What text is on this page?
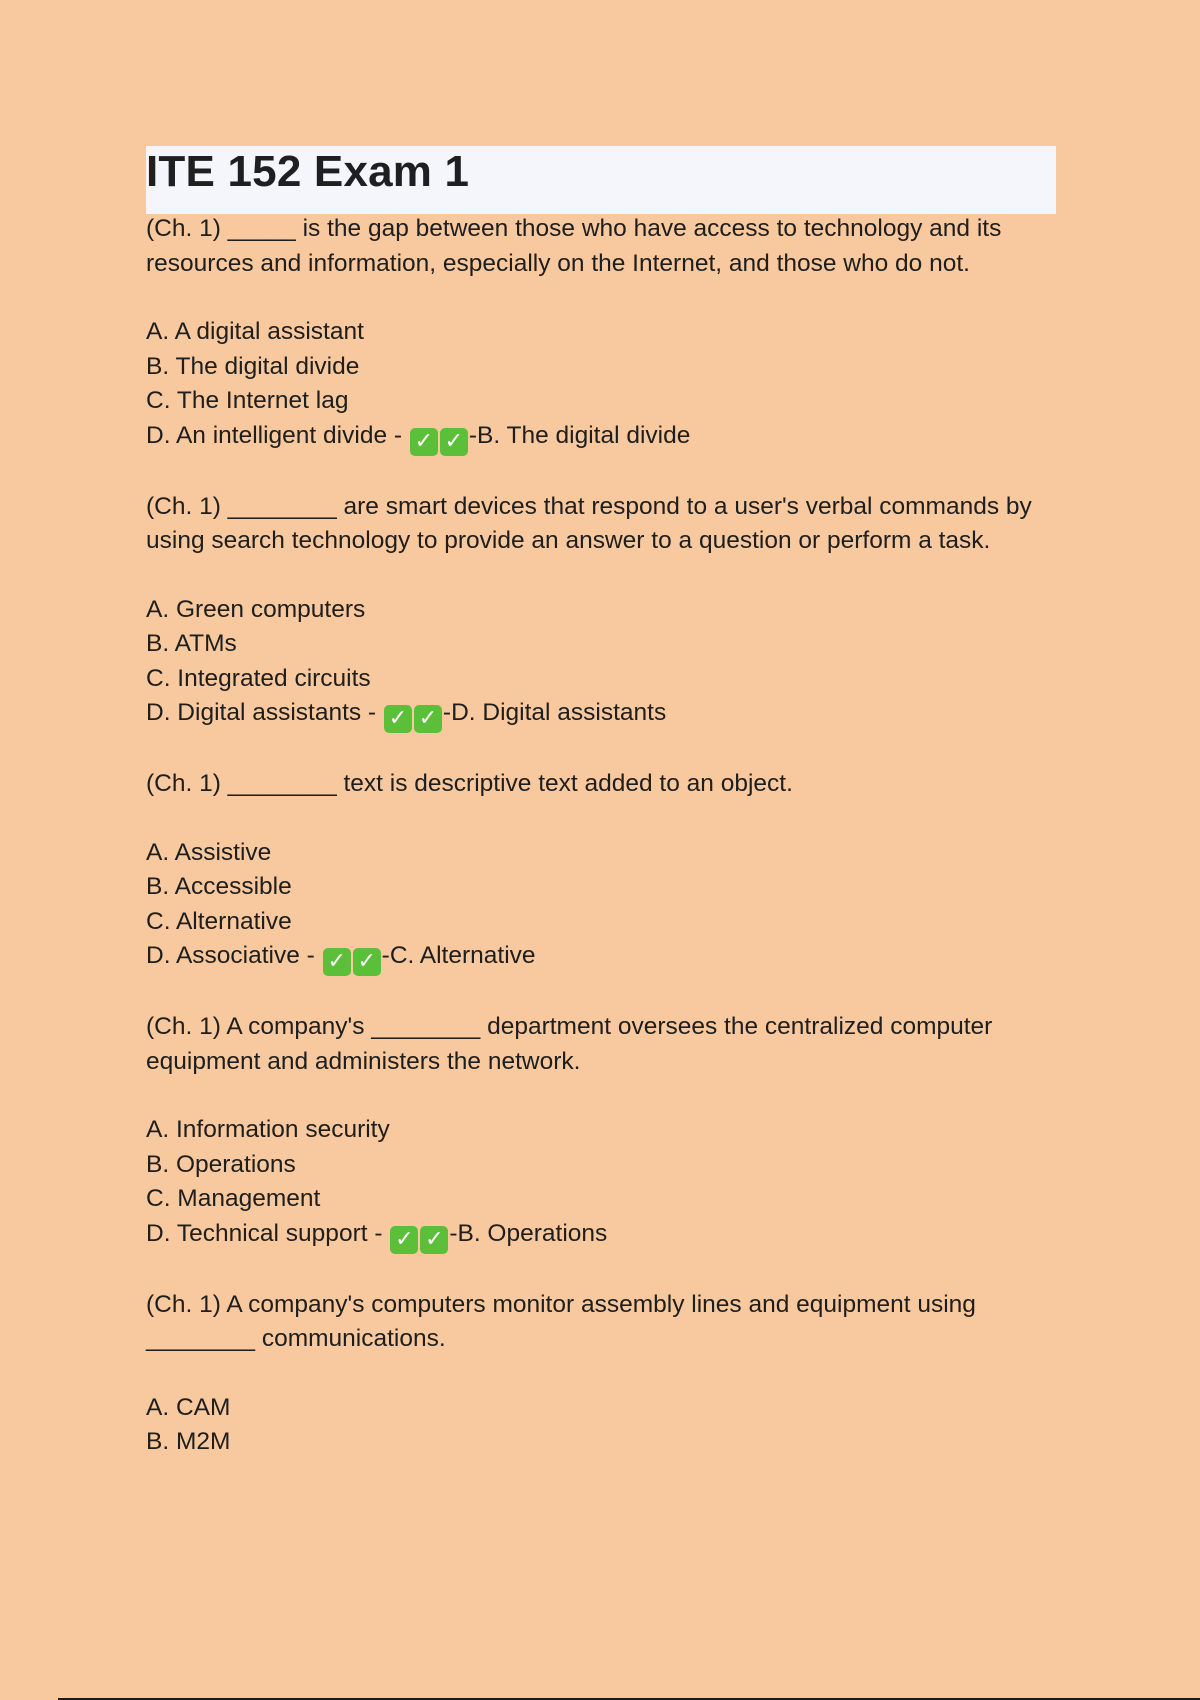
ITE 152 Exam 1

(Ch. 1) _____ is the gap between those who have access to technology and its resources and information, especially on the Internet, and those who do not.

A. A digital assistant

B. The digital divide

C. The Internet lag

D. An intelligent divide - ✓ ✓ -B. The digital divide

(Ch. 1) ________ are smart devices that respond to a user's verbal commands by using search technology to provide an answer to a question or perform a task.

A. Green computers

B. ATMs

C. Integrated circuits

D. Digital assistants - ✓ ✓ -D. Digital assistants

(Ch. 1) ________ text is descriptive text added to an object.

A. Assistive

B. Accessible

C. Alternative

D. Associative - ✓ ✓ -C. Alternative

(Ch. 1) A company's ________ department oversees the centralized computer equipment and administers the network.

A. Information security

B. Operations

C. Management

D. Technical support - ✓ ✓ -B. Operations

(Ch. 1) A company's computers monitor assembly lines and equipment using ________ communications.

A. CAM

B. M2M
